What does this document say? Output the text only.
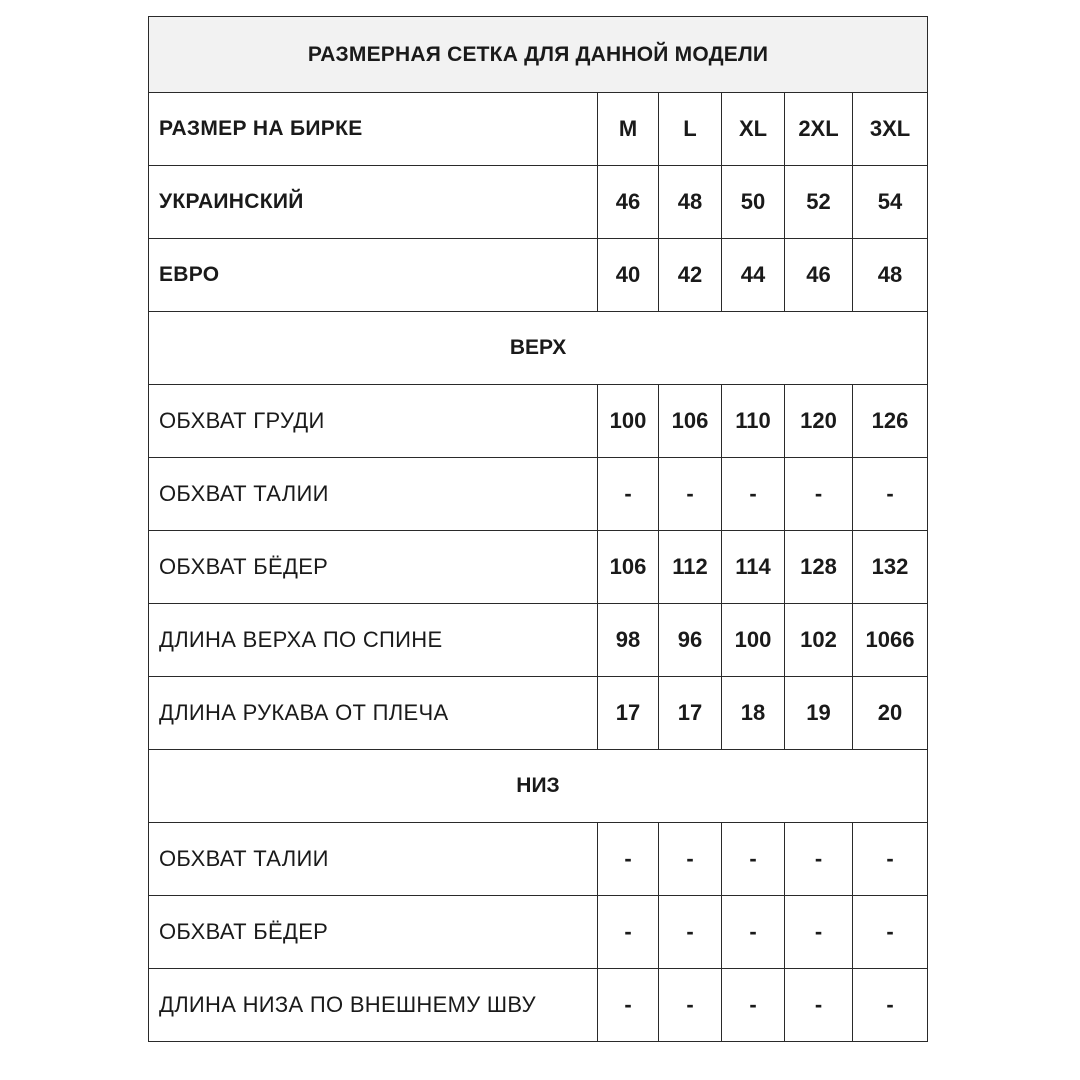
РАЗМЕРНАЯ СЕТКА ДЛЯ ДАННОЙ МОДЕЛИ					
РАЗМЕР НА БИРКЕ	M	L	XL	2XL	3XL
УКРАИНСКИЙ	46	48	50	52	54
ЕВРО	40	42	44	46	48
ВЕРХ					
ОБХВАТ ГРУДИ	100	106	110	120	126
ОБХВАТ ТАЛИИ	-	-	-	-	-
ОБХВАТ БЁДЕР	106	112	114	128	132
ДЛИНА ВЕРХА ПО СПИНЕ	98	96	100	102	1066
ДЛИНА РУКАВА ОТ ПЛЕЧА	17	17	18	19	20
НИЗ					
ОБХВАТ ТАЛИИ	-	-	-	-	-
ОБХВАТ БЁДЕР	-	-	-	-	-
ДЛИНА НИЗА ПО ВНЕШНЕМУ ШВУ	-	-	-	-	-
